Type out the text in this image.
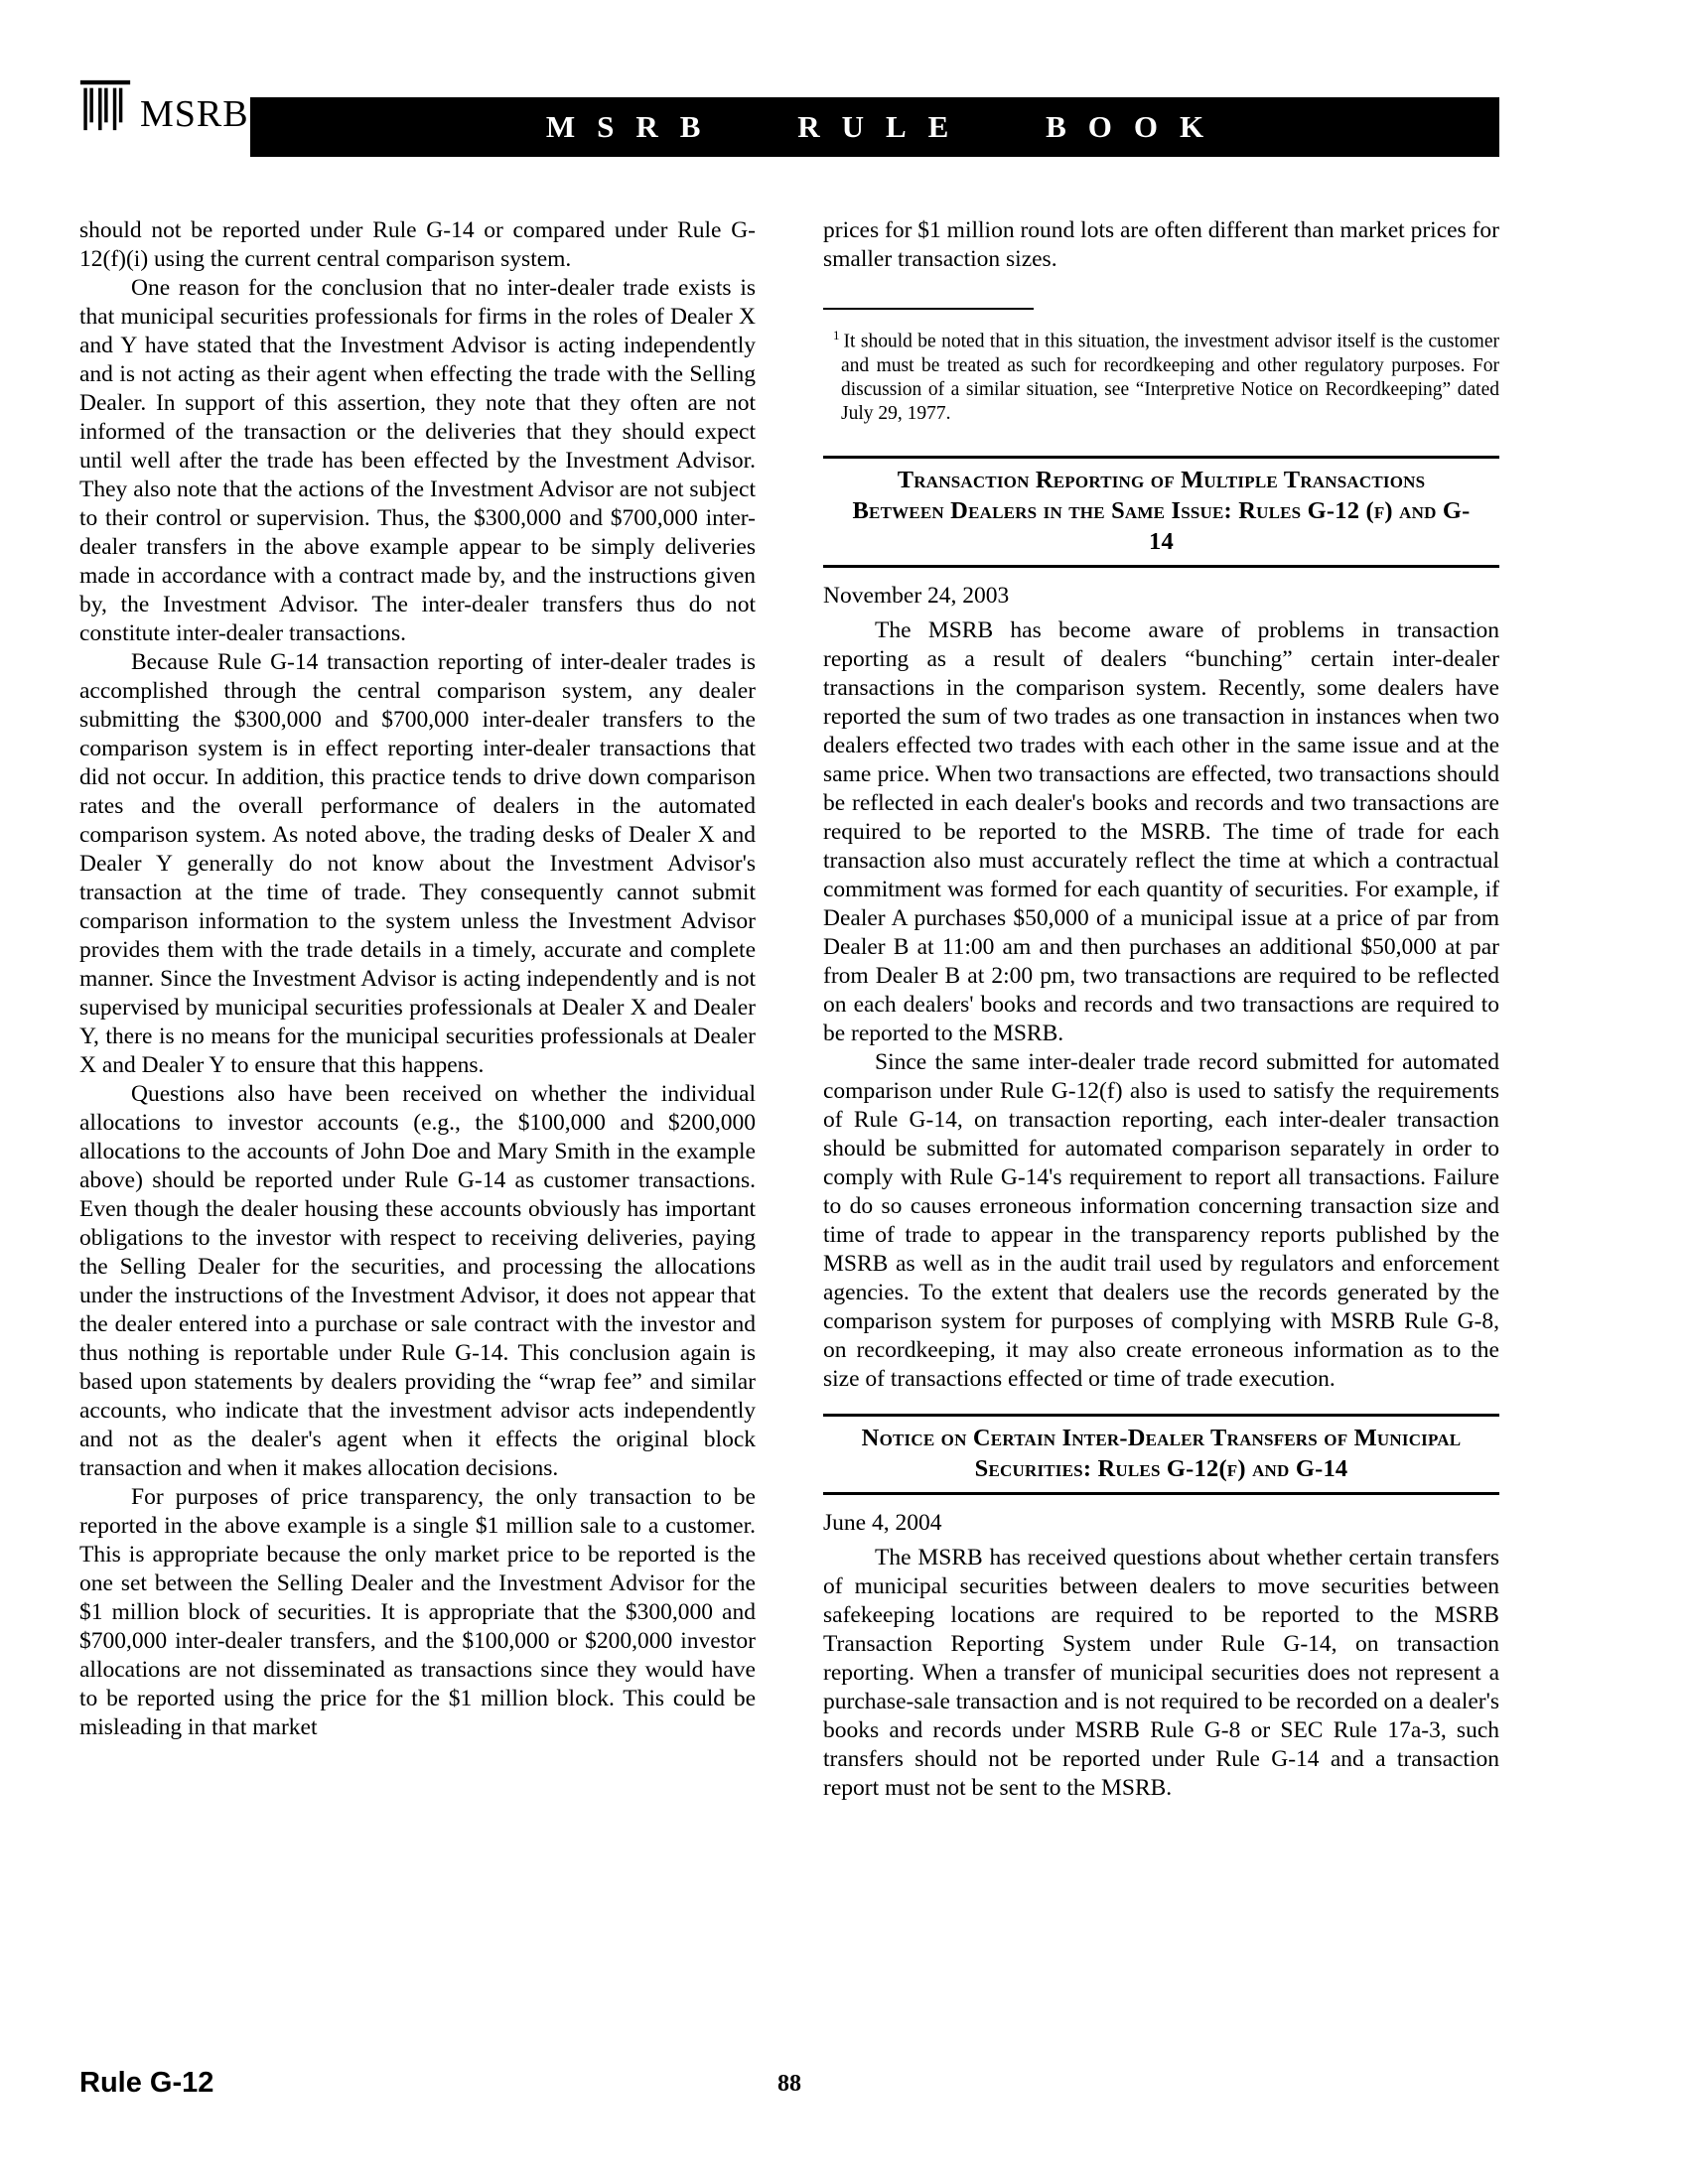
MSRB	MSRB RULE BOOK

should not be reported under Rule G-14 or compared under Rule G-12(f)(i) using the current central comparison system.

One reason for the conclusion that no inter-dealer trade exists is that municipal securities professionals for firms in the roles of Dealer X and Y have stated that the Investment Advisor is acting independently and is not acting as their agent when effecting the trade with the Selling Dealer. In support of this assertion, they note that they often are not informed of the transaction or the deliveries that they should expect until well after the trade has been effected by the Investment Advisor. They also note that the actions of the Investment Advisor are not subject to their control or supervision. Thus, the $300,000 and $700,000 inter-dealer transfers in the above example appear to be simply deliveries made in accordance with a contract made by, and the instructions given by, the Investment Advisor. The inter-dealer transfers thus do not constitute inter-dealer transactions.

Because Rule G-14 transaction reporting of inter-dealer trades is accomplished through the central comparison system, any dealer submitting the $300,000 and $700,000 inter-dealer transfers to the comparison system is in effect reporting inter-dealer transactions that did not occur. In addition, this practice tends to drive down comparison rates and the overall performance of dealers in the automated comparison system. As noted above, the trading desks of Dealer X and Dealer Y generally do not know about the Investment Advisor's transaction at the time of trade. They consequently cannot submit comparison information to the system unless the Investment Advisor provides them with the trade details in a timely, accurate and complete manner. Since the Investment Advisor is acting independently and is not supervised by municipal securities professionals at Dealer X and Dealer Y, there is no means for the municipal securities professionals at Dealer X and Dealer Y to ensure that this happens.

Questions also have been received on whether the individual allocations to investor accounts (e.g., the $100,000 and $200,000 allocations to the accounts of John Doe and Mary Smith in the example above) should be reported under Rule G-14 as customer transactions. Even though the dealer housing these accounts obviously has important obligations to the investor with respect to receiving deliveries, paying the Selling Dealer for the securities, and processing the allocations under the instructions of the Investment Advisor, it does not appear that the dealer entered into a purchase or sale contract with the investor and thus nothing is reportable under Rule G-14. This conclusion again is based upon statements by dealers providing the “wrap fee” and similar accounts, who indicate that the investment advisor acts independently and not as the dealer's agent when it effects the original block transaction and when it makes allocation decisions.

For purposes of price transparency, the only transaction to be reported in the above example is a single $1 million sale to a customer. This is appropriate because the only market price to be reported is the one set between the Selling Dealer and the Investment Advisor for the $1 million block of securities. It is appropriate that the $300,000 and $700,000 inter-dealer transfers, and the $100,000 or $200,000 investor allocations are not disseminated as transactions since they would have to be reported using the price for the $1 million block. This could be misleading in that market

prices for $1 million round lots are often different than market prices for smaller transaction sizes.

$^1$ It should be noted that in this situation, the investment advisor itself is the customer and must be treated as such for recordkeeping and other regulatory purposes. For discussion of a similar situation, see “Interpretive Notice on Recordkeeping” dated July 29, 1977.

Transaction Reporting of Multiple Transactions Between Dealers in the Same Issue: Rules G-12 (f) and G-14

November 24, 2003

The MSRB has become aware of problems in transaction reporting as a result of dealers “bunching” certain inter-dealer transactions in the comparison system. Recently, some dealers have reported the sum of two trades as one transaction in instances when two dealers effected two trades with each other in the same issue and at the same price. When two transactions are effected, two transactions should be reflected in each dealer's books and records and two transactions are required to be reported to the MSRB. The time of trade for each transaction also must accurately reflect the time at which a contractual commitment was formed for each quantity of securities. For example, if Dealer A purchases $50,000 of a municipal issue at a price of par from Dealer B at 11:00 am and then purchases an additional $50,000 at par from Dealer B at 2:00 pm, two transactions are required to be reflected on each dealers' books and records and two transactions are required to be reported to the MSRB.

Since the same inter-dealer trade record submitted for automated comparison under Rule G-12(f) also is used to satisfy the requirements of Rule G-14, on transaction reporting, each inter-dealer transaction should be submitted for automated comparison separately in order to comply with Rule G-14's requirement to report all transactions. Failure to do so causes erroneous information concerning transaction size and time of trade to appear in the transparency reports published by the MSRB as well as in the audit trail used by regulators and enforcement agencies. To the extent that dealers use the records generated by the comparison system for purposes of complying with MSRB Rule G-8, on recordkeeping, it may also create erroneous information as to the size of transactions effected or time of trade execution.

Notice on Certain Inter-Dealer Transfers of Municipal Securities: Rules G-12(f) and G-14

June 4, 2004

The MSRB has received questions about whether certain transfers of municipal securities between dealers to move securities between safekeeping locations are required to be reported to the MSRB Transaction Reporting System under Rule G-14, on transaction reporting. When a transfer of municipal securities does not represent a purchase-sale transaction and is not required to be recorded on a dealer's books and records under MSRB Rule G-8 or SEC Rule 17a-3, such transfers should not be reported under Rule G-14 and a transaction report must not be sent to the MSRB.

Rule G-12	88
